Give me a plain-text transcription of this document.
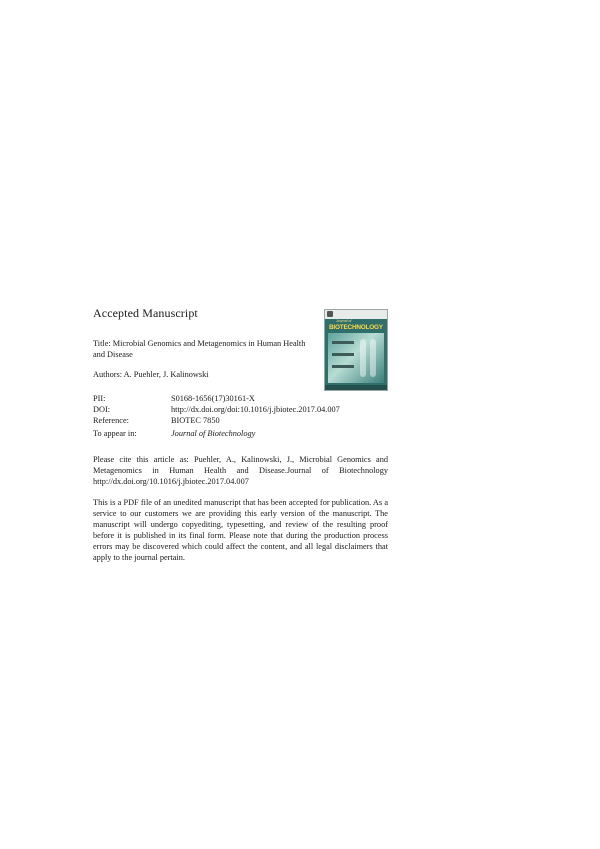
Accepted Manuscript
Title: Microbial Genomics and Metagenomics in Human Health and Disease
Authors: A. Puehler, J. Kalinowski
PII:	S0168-1656(17)30161-X
DOI:	http://dx.doi.org/doi:10.1016/j.jbiotec.2017.04.007
Reference:	BIOTEC 7850
To appear in:	Journal of Biotechnology
Please cite this article as: Puehler, A., Kalinowski, J., Microbial Genomics and Metagenomics in Human Health and Disease.Journal of Biotechnology http://dx.doi.org/10.1016/j.jbiotec.2017.04.007
This is a PDF file of an unedited manuscript that has been accepted for publication. As a service to our customers we are providing this early version of the manuscript. The manuscript will undergo copyediting, typesetting, and review of the resulting proof before it is published in its final form. Please note that during the production process errors may be discovered which could affect the content, and all legal disclaimers that apply to the journal pertain.
Journal of
BIOTECHNOLOGY
